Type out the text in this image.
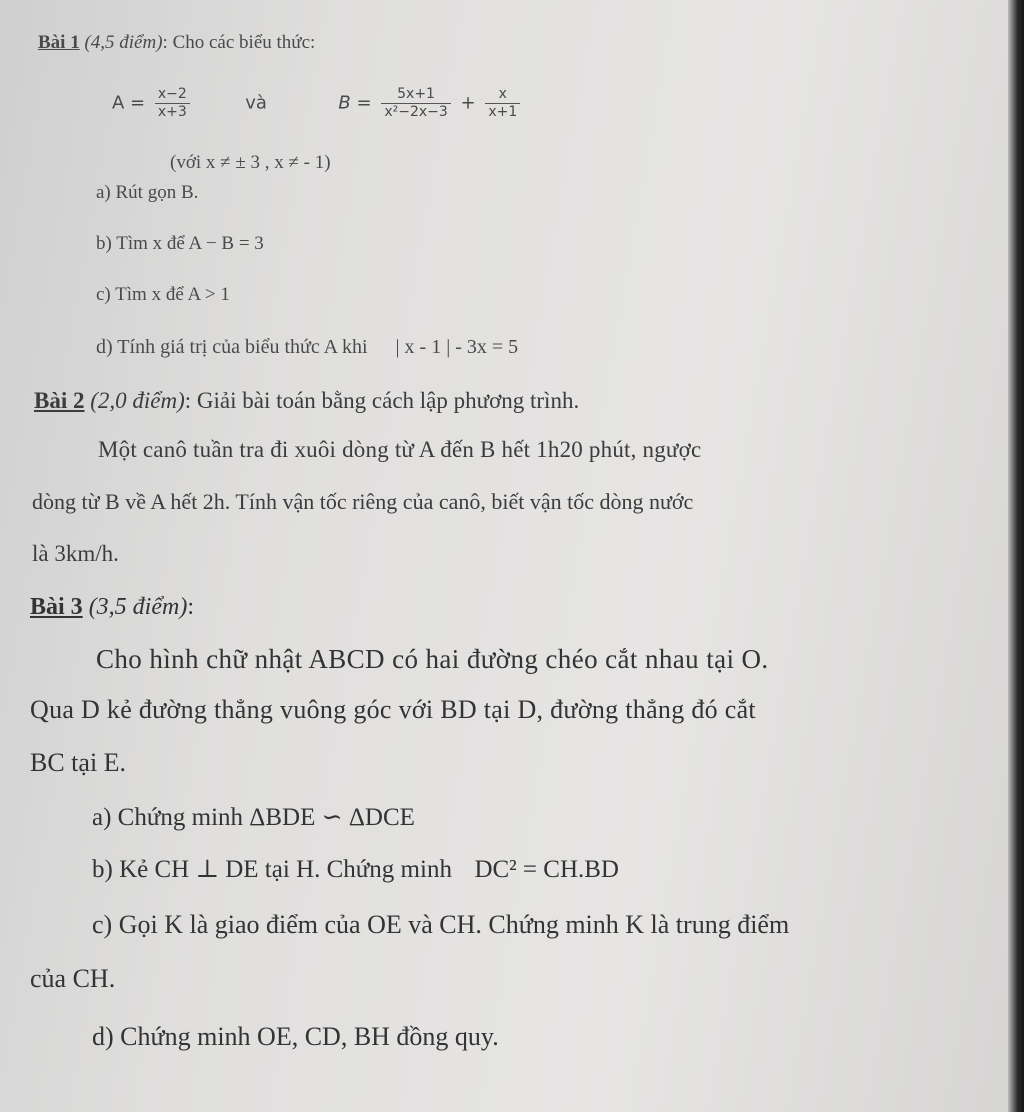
Bài 1 (4,5 điểm): Cho các biểu thức:
$A = \frac{x-2}{x+3}$	và	$B = \frac{5x+1}{\text{x²−2x−3}} + \frac{x}{x+1}$
(với x ≠ ± 3 , x ≠ - 1)
a) Rút gọn B.
b) Tìm x để A − B = 3
c) Tìm x để A > 1
d) Tính giá trị của biểu thức A khi | x - 1 | - 3x = 5
Bài 2 (2,0 điểm): Giải bài toán bằng cách lập phương trình.
Một canô tuần tra đi xuôi dòng từ A đến B hết 1h20 phút, ngược
dòng từ B về A hết 2h. Tính vận tốc riêng của canô, biết vận tốc dòng nước
là 3km/h.
Bài 3 (3,5 điểm):
Cho hình chữ nhật ABCD có hai đường chéo cắt nhau tại O.
Qua D kẻ đường thẳng vuông góc với BD tại D, đường thẳng đó cắt
BC tại E.
a) Chứng minh ΔBDE ∽ ΔDCE
b) Kẻ CH ⊥ DE tại H. Chứng minh DC² = CH.BD
c) Gọi K là giao điểm của OE và CH. Chứng minh K là trung điểm
của CH.
d) Chứng minh OE, CD, BH đồng quy.
